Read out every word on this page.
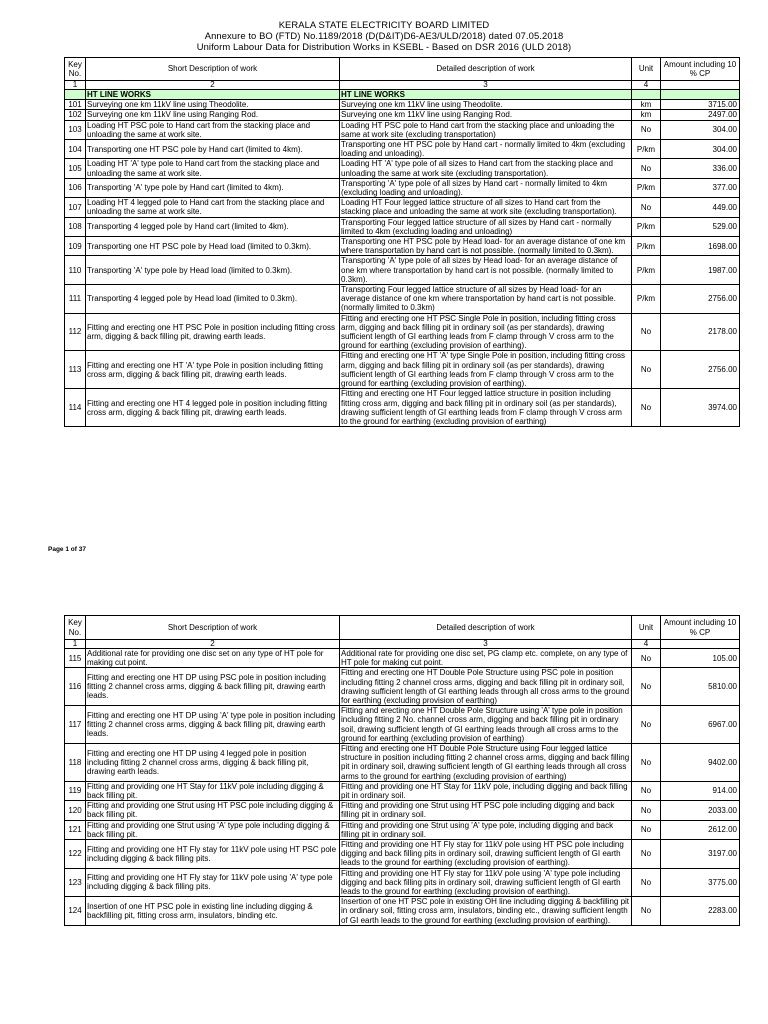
KERALA STATE ELECTRICITY BOARD LIMITED
Annexure to BO (FTD) No.1189/2018 (D(D&IT)D6-AE3/ULD/2018) dated 07.05.2018
Uniform Labour Data for Distribution Works in KSEBL - Based on DSR 2016 (ULD 2018)
Key No.	Short Description of work	Detailed description of work	Unit	Amount including 10 % CP
1	2	3	4	
	HT LINE WORKS	HT LINE WORKS		
101	Surveying one km 11kV line using Theodolite.	Surveying one km 11kV line using Theodolite.	km	3715.00
102	Surveying one km 11kV line using Ranging Rod.	Surveying one km 11kV line using Ranging Rod.	km	2497.00
103	Loading HT PSC pole to Hand cart from the stacking place and unloading the same at work site.	Loading HT PSC pole to Hand cart from the stacking place and unloading the same at work site (excluding transportation)	No	304.00
104	Transporting one HT PSC pole by Hand cart (limited to 4km).	Transporting one HT PSC pole by Hand cart - normally limited to 4km (excluding loading and unloading).	P/km	304.00
105	Loading HT 'A' type pole to Hand cart from the stacking place and unloading the same at work site.	Loading HT 'A' type pole of all sizes to Hand cart from the stacking place and unloading the same at work site (excluding transportation).	No	336.00
106	Transporting 'A' type pole by Hand cart (limited to 4km).	Transporting 'A' type pole of all sizes by Hand cart - normally limited to 4km (excluding loading and unloading).	P/km	377.00
107	Loading HT 4 legged pole to Hand cart from the stacking place and unloading the same at work site.	Loading HT Four legged lattice structure of all sizes to Hand cart from the stacking place and unloading the same at work site (excluding transportation).	No	449.00
108	Transporting 4 legged pole by Hand cart (limited to 4km).	Transporting Four legged lattice structure of all sizes by Hand cart - normally limited to 4km (excluding loading and unloading)	P/km	529.00
109	Transporting one HT PSC pole by Head load (limited to 0.3km).	Transporting one HT PSC pole by Head load- for an average distance of one km where transportation by hand cart is not possible. (normally limited to 0.3km).	P/km	1698.00
110	Transporting 'A' type pole by Head load (limited to 0.3km).	Transporting 'A' type pole of all sizes by Head load- for an average distance of one km where transportation by hand cart is not possible. (normally limited to 0.3km).	P/km	1987.00
111	Transporting 4 legged pole by Head load (limited to 0.3km).	Transporting Four legged lattice structure of all sizes by Head load- for an average distance of one km where transportation by hand cart is not possible. (normally limited to 0.3km)	P/km	2756.00
112	Fitting and erecting one HT PSC Pole in position including fitting cross arm, digging & back filling pit, drawing earth leads.	Fitting and erecting one HT PSC Single Pole in position, including fitting cross arm, digging and back filling pit in ordinary soil (as per standards), drawing sufficient length of GI earthing leads from F clamp through V cross arm to the ground for earthing (excluding provision of earthing).	No	2178.00
113	Fitting and erecting one HT 'A' type Pole in position including fitting cross arm, digging & back filling pit, drawing earth leads.	Fitting and erecting one HT 'A' type Single Pole in position, including fitting cross arm, digging and back filling pit in ordinary soil (as per standards), drawing sufficient length of GI earthing leads from F clamp through V cross arm to the ground for earthing (excluding provision of earthing).	No	2756.00
114	Fitting and erecting one HT 4 legged pole in position including fitting cross arm, digging & back filling pit, drawing earth leads.	Fitting and erecting one HT Four legged lattice structure in position including fitting cross arm, digging and back filling pit in ordinary soil (as per standards), drawing sufficient length of GI earthing leads from F clamp through V cross arm to the ground for earthing (excluding provision of earthing)	No	3974.00
Page 1 of 37
Key No.	Short Description of work	Detailed description of work	Unit	Amount including 10 % CP
1	2	3	4	
115	Additional rate for providing one disc set on any type of HT pole for making cut point.	Additional rate for providing one disc set, PG clamp etc. complete, on any type of HT pole for making cut point.	No	105.00
116	Fitting and erecting one HT DP using PSC pole in position including fitting 2 channel cross arms, digging & back filling pit, drawing earth leads.	Fitting and erecting one HT Double Pole Structure using PSC pole in position including fitting 2 channel cross arms, digging and back filling pit in ordinary soil, drawing sufficient length of GI earthing leads through all cross arms to the ground for earthing (excluding provision of earthing)	No	5810.00
117	Fitting and erecting one HT DP using 'A' type pole in position including fitting 2 channel cross arms, digging & back filling pit, drawing earth leads.	Fitting and erecting one HT Double Pole Structure using 'A' type pole in position including fitting 2 No. channel cross arm, digging and back filling pit in ordinary soil, drawing sufficient length of GI earthing leads through all cross arms to the ground for earthing (excluding provision of earthing)	No	6967.00
118	Fitting and erecting one HT DP using 4 legged pole in position including fitting 2 channel cross arms, digging & back filling pit, drawing earth leads.	Fitting and erecting one HT Double Pole Structure using Four legged lattice structure in position including fitting 2 channel cross arms, digging and back filling pit in ordinary soil, drawing sufficient length of GI earthing leads through all cross arms to the ground for earthing (excluding provision of earthing)	No	9402.00
119	Fitting and providing one HT Stay for 11kV pole including digging & back filling pit.	Fitting and providing one HT Stay for 11kV pole, including digging and back filling pit in ordinary soil.	No	914.00
120	Fitting and providing one Strut using HT PSC pole including digging & back filling pit.	Fitting and providing one Strut using HT PSC pole including digging and back filling pit in ordinary soil.	No	2033.00
121	Fitting and providing one Strut using 'A' type pole including digging & back filling pit.	Fitting and providing one Strut using 'A' type pole, including digging and back filling pit in ordinary soil.	No	2612.00
122	Fitting and providing one HT Fly stay for 11kV pole using HT PSC pole including digging & back filling pits.	Fitting and providing one HT Fly stay for 11kV pole using HT PSC pole including digging and back filling pits in ordinary soil, drawing sufficient length of GI earth leads to the ground for earthing (excluding provision of earthing).	No	3197.00
123	Fitting and providing one HT Fly stay for 11kV pole using 'A' type pole including digging & back filling pits.	Fitting and providing one HT Fly stay for 11kV pole using 'A' type pole including digging and back filling pits in ordinary soil, drawing sufficient length of GI earth leads to the ground for earthing (excluding provision of earthing).	No	3775.00
124	Insertion of one HT PSC pole in existing line including digging & backfilling pit, fitting cross arm, insulators, binding etc.	Insertion of one HT PSC pole in existing OH line including digging & backfilling pit in ordinary soil, fitting cross arm, insulators, binding etc., drawing sufficient length of GI earth leads to the ground for earthing (excluding provision of earthing).	No	2283.00
